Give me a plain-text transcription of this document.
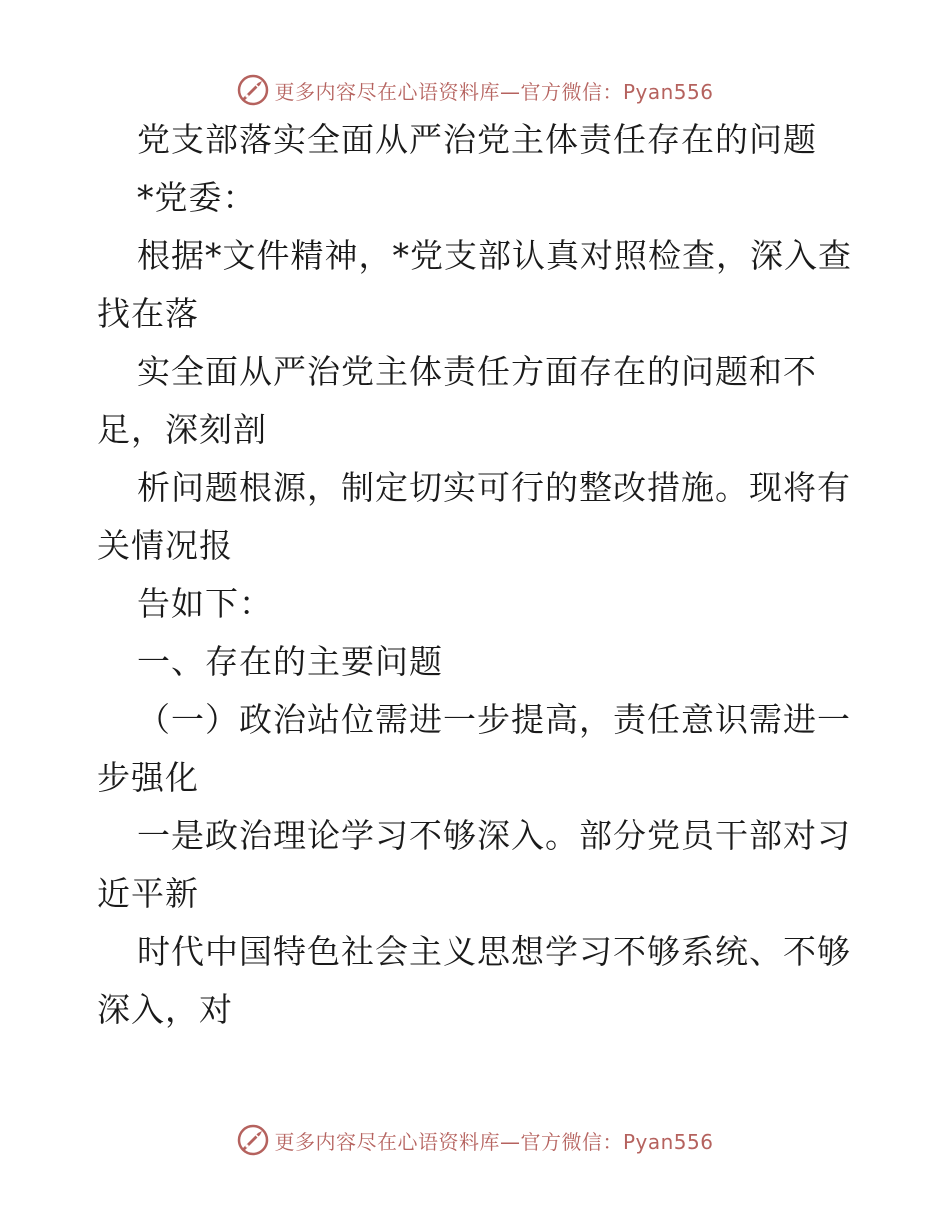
更多内容尽在心语资料库—官方微信：Pyan556
党支部落实全面从严治党主体责任存在的问题
*党委：
根据*文件精神，*党支部认真对照检查，深入查
找在落
实全面从严治党主体责任方面存在的问题和不
足，深刻剖
析问题根源，制定切实可行的整改措施。现将有
关情况报
告如下：
一、存在的主要问题
（一）政治站位需进一步提高，责任意识需进一
步强化
一是政治理论学习不够深入。部分党员干部对习
近平新
时代中国特色社会主义思想学习不够系统、不够
深入，对
更多内容尽在心语资料库—官方微信：Pyan556
